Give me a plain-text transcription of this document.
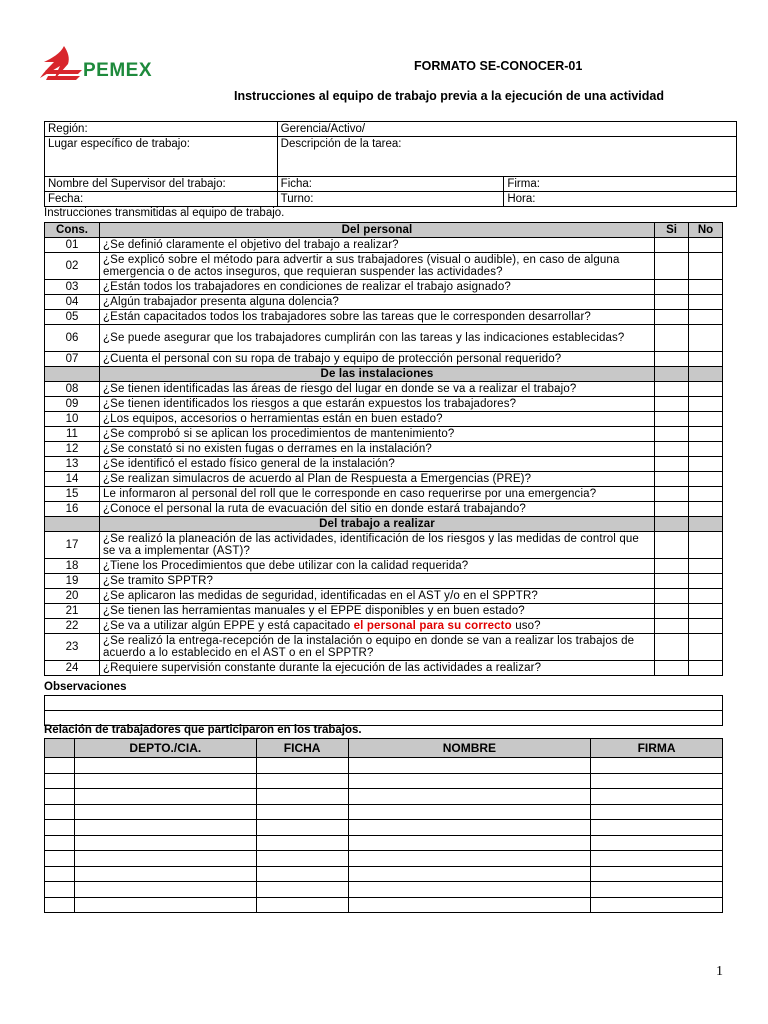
PEMEX	FORMATO SE-CONOCER-01
Instrucciones al equipo de trabajo previa a la ejecución de una actividad
Región:	Gerencia/Activo/	
Lugar específico de trabajo:	Descripción de la tarea:	
Nombre del Supervisor del trabajo:	Ficha:	Firma:
Fecha:	Turno:	Hora:
Instrucciones transmitidas al equipo de trabajo.
Cons.	Del personal	Si	No
01	¿Se definió claramente el objetivo del trabajo a realizar?		
02	¿Se explicó sobre el método para advertir a sus trabajadores (visual o audible), en caso de alguna emergencia o de actos inseguros, que requieran suspender las actividades?		
03	¿Están todos los trabajadores en condiciones de realizar el trabajo asignado?		
04	¿Algún trabajador presenta alguna dolencia?		
05	¿Están capacitados todos los trabajadores sobre las tareas que le corresponden desarrollar?		
06	¿Se puede asegurar que los trabajadores cumplirán con las tareas y las indicaciones establecidas?		
07	¿Cuenta el personal con su ropa de trabajo y equipo de protección personal requerido?		
	De las instalaciones		
08	¿Se tienen identificadas las áreas de riesgo del lugar en donde se va a realizar el trabajo?		
09	¿Se tienen identificados los riesgos a que estarán expuestos los trabajadores?		
10	¿Los equipos, accesorios o herramientas están en buen estado?		
11	¿Se comprobó si se aplican los procedimientos de mantenimiento?		
12	¿Se constató si no existen fugas o derrames en la instalación?		
13	¿Se identificó el estado físico general de la instalación?		
14	¿Se realizan simulacros de acuerdo al Plan de Respuesta a Emergencias (PRE)?		
15	Le informaron al personal del roll que le corresponde en caso requerirse por una emergencia?		
16	¿Conoce el personal la ruta de evacuación del sitio en donde estará trabajando?		
	Del trabajo a realizar		
17	¿Se realizó la planeación de las actividades, identificación de los riesgos y las medidas de control que se va a implementar (AST)?		
18	¿Tiene los Procedimientos que debe utilizar con la calidad requerida?		
19	¿Se tramito SPPTR?		
20	¿Se aplicaron las medidas de seguridad, identificadas en el AST y/o en el SPPTR?		
21	¿Se tienen las herramientas manuales y el EPPE disponibles y en buen estado?		
22	¿Se va a utilizar algún EPPE y está capacitado el personal para su correcto uso?		
23	¿Se realizó la entrega-recepción de la instalación o equipo en donde se van a realizar los trabajos de acuerdo a lo establecido en el AST o en el SPPTR?		
24	¿Requiere supervisión constante durante la ejecución de las actividades a realizar?		
Observaciones

Relación de trabajadores que participaron en los trabajos.
	DEPTO./CIA.	FICHA	NOMBRE	FIRMA

1
